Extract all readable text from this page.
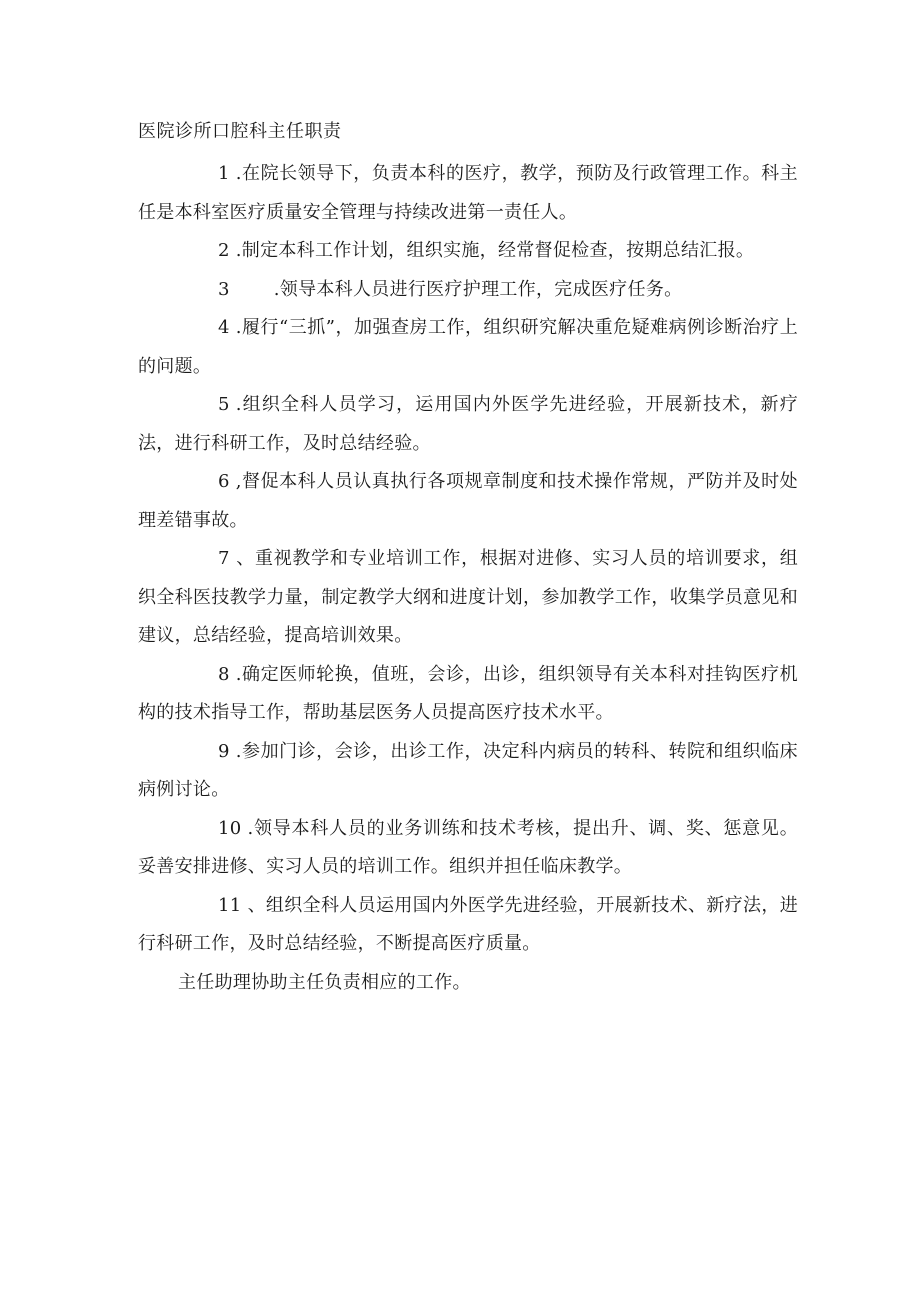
医院诊所口腔科主任职责

1 .在院长领导下，负责本科的医疗，教学，预防及行政管理工作。科主任是本科室医疗质量安全管理与持续改进第一责任人。

2 .制定本科工作计划，组织实施，经常督促检查，按期总结汇报。

3 .领导本科人员进行医疗护理工作，完成医疗任务。

4 .履行“三抓”，加强查房工作，组织研究解决重危疑难病例诊断治疗上的问题。

5 .组织全科人员学习，运用国内外医学先进经验，开展新技术，新疗法，进行科研工作，及时总结经验。

6 ,督促本科人员认真执行各项规章制度和技术操作常规，严防并及时处理差错事故。

7 、重视教学和专业培训工作，根据对进修、实习人员的培训要求，组织全科医技教学力量，制定教学大纲和进度计划，参加教学工作，收集学员意见和建议，总结经验，提高培训效果。

8 .确定医师轮换，值班，会诊，出诊，组织领导有关本科对挂钩医疗机构的技术指导工作，帮助基层医务人员提高医疗技术水平。

9 .参加门诊，会诊，出诊工作，决定科内病员的转科、转院和组织临床病例讨论。

10 .领导本科人员的业务训练和技术考核，提出升、调、奖、惩意见。妥善安排进修、实习人员的培训工作。组织并担任临床教学。

11 、组织全科人员运用国内外医学先进经验，开展新技术、新疗法，进行科研工作，及时总结经验，不断提高医疗质量。

主任助理协助主任负责相应的工作。
